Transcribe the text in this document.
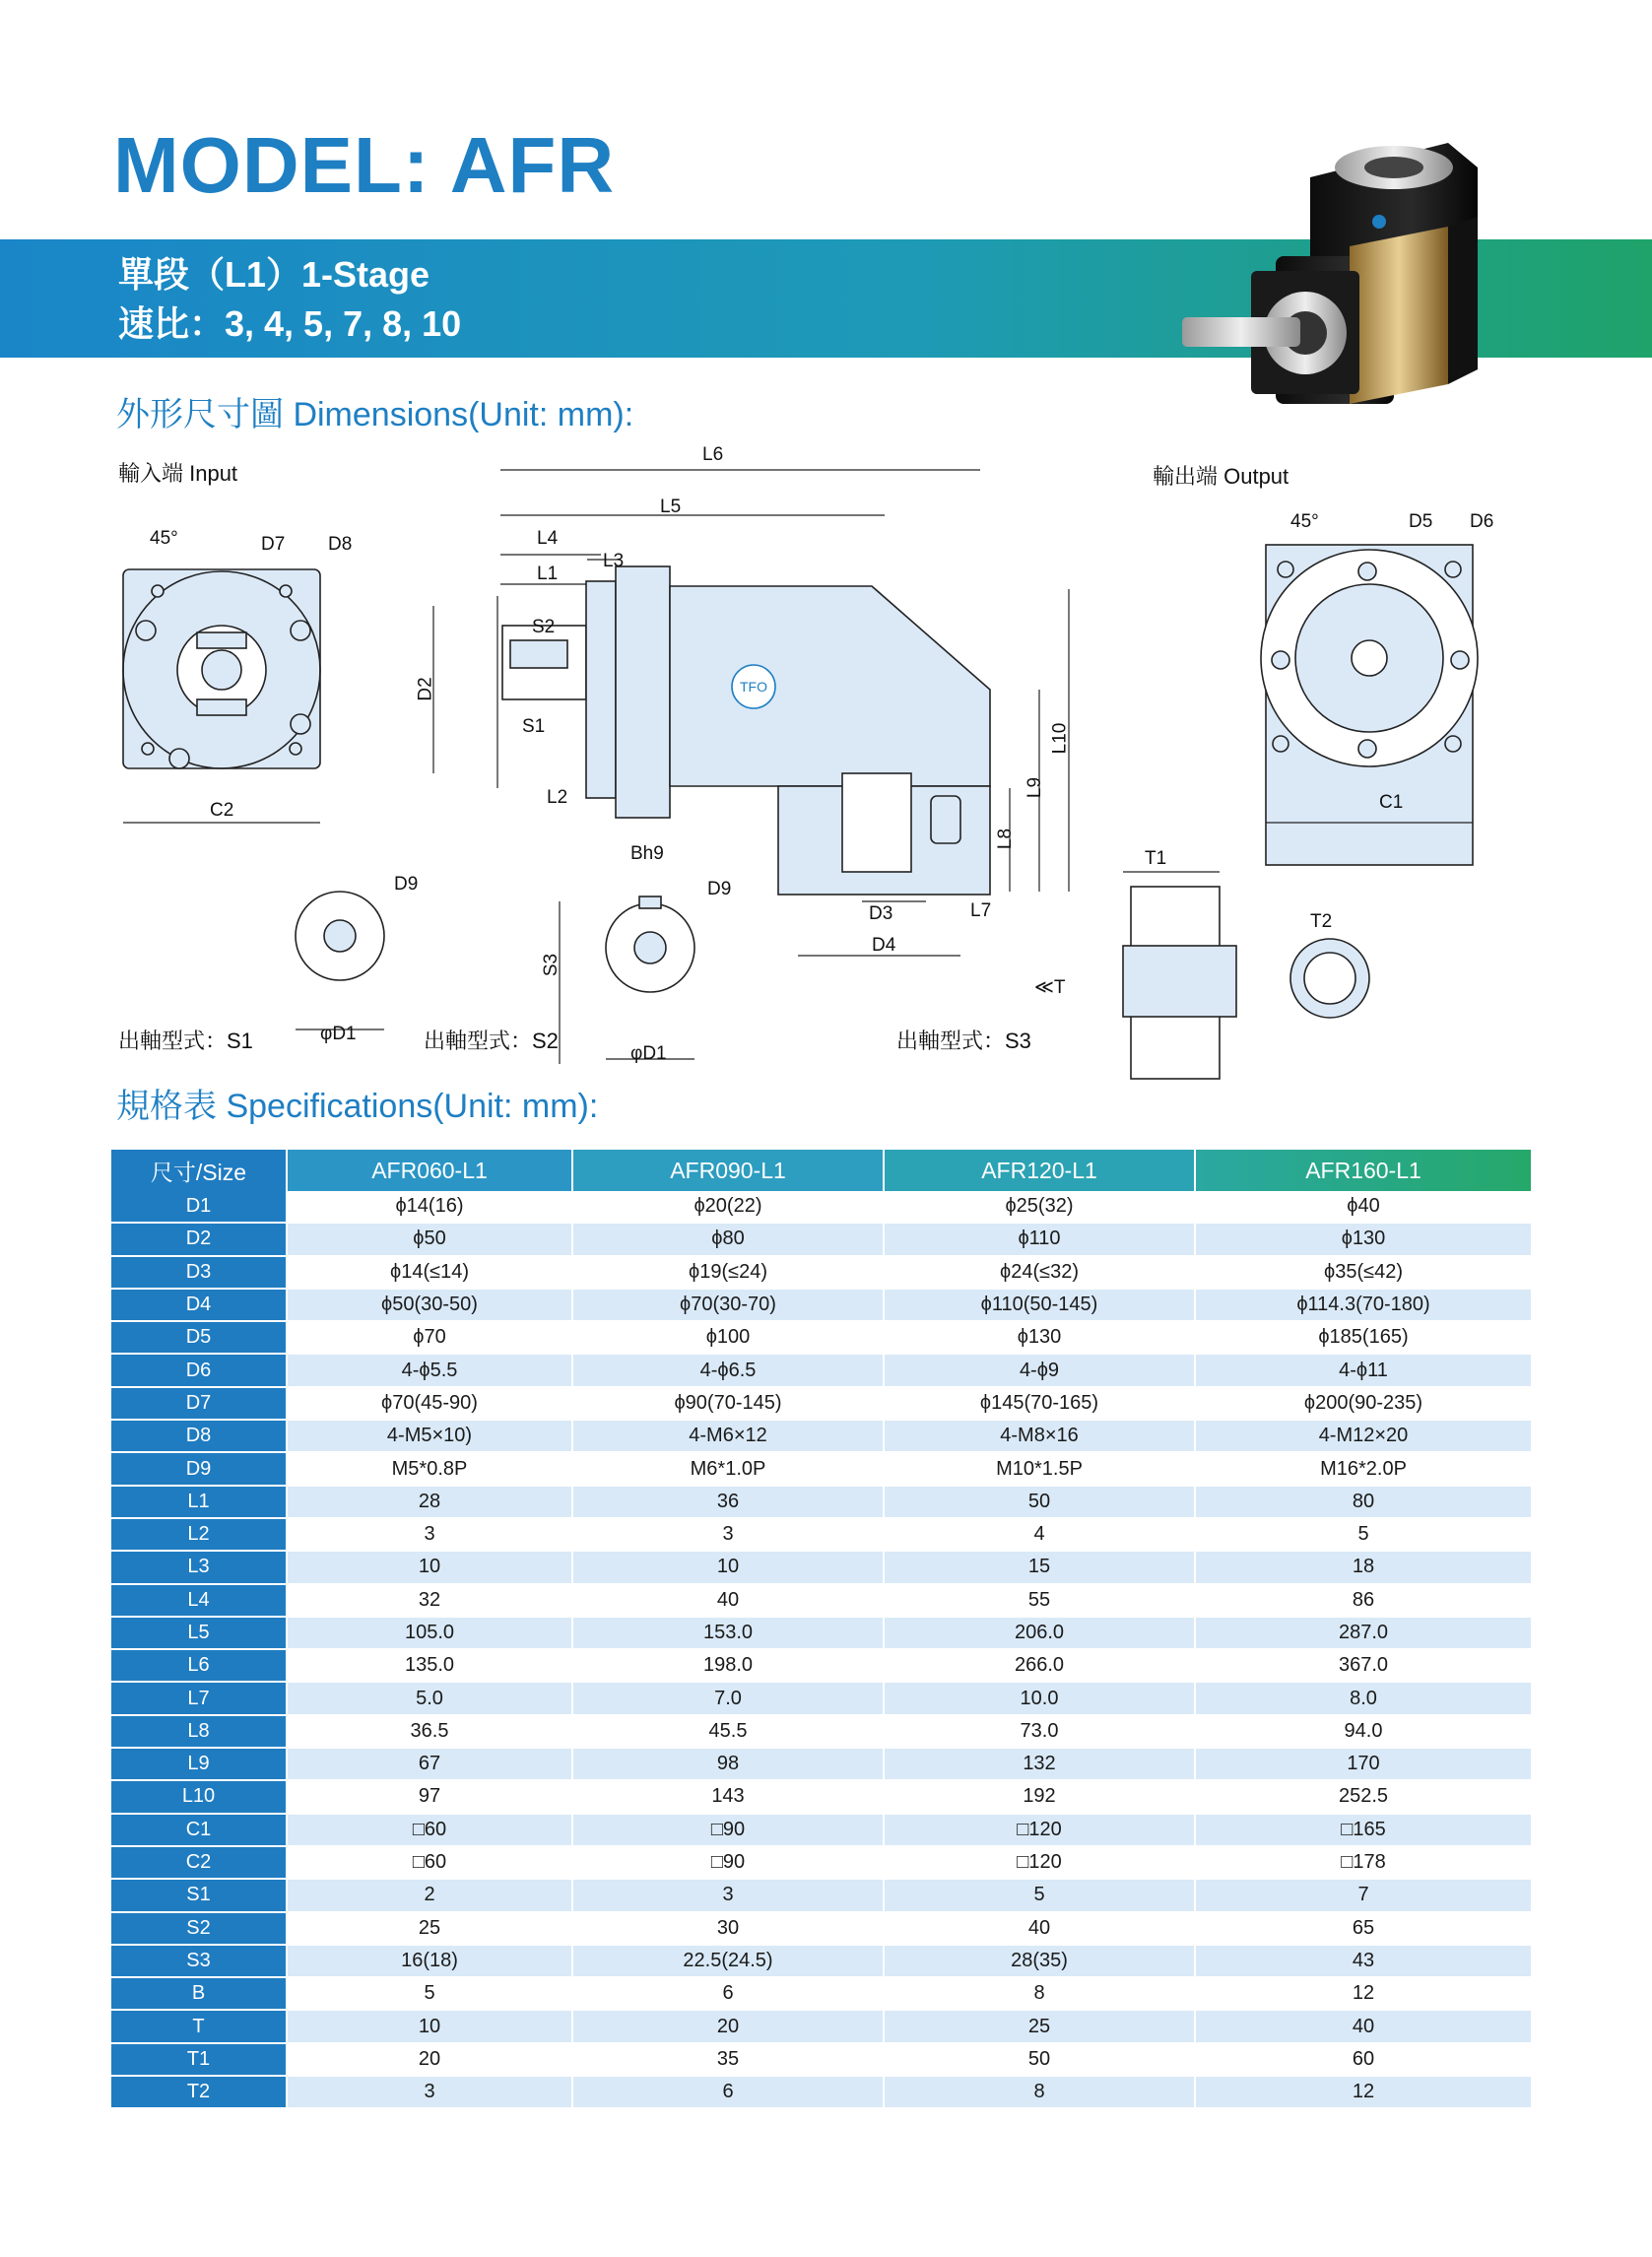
MODEL: AFR
單段（L1）1-Stage
速比：3, 4, 5, 7, 8, 10
外形尺寸圖 Dimensions(Unit: mm):
輸入端 Input	輸出端 Output
出軸型式：S1	出軸型式：S2	出軸型式：S3
45°
45°
TFO
L6
L5
L4
L3
L1
S2
S1
L2
D2
L10
L9
L8
L7
D3
D4
D7 D8
C2
D5 D6
C1
D9
φD1
Bh9
D9
S3
φD1
T1
T2
≪T
規格表 Specifications(Unit: mm):
尺寸/Size	AFR060-L1	AFR090-L1	AFR120-L1	AFR160-L1
D1	ϕ14(16)	ϕ20(22)	ϕ25(32)	ϕ40
D2	ϕ50	ϕ80	ϕ110	ϕ130
D3	ϕ14(≤14)	ϕ19(≤24)	ϕ24(≤32)	ϕ35(≤42)
D4	ϕ50(30-50)	ϕ70(30-70)	ϕ110(50-145)	ϕ114.3(70-180)
D5	ϕ70	ϕ100	ϕ130	ϕ185(165)
D6	4-ϕ5.5	4-ϕ6.5	4-ϕ9	4-ϕ11
D7	ϕ70(45-90)	ϕ90(70-145)	ϕ145(70-165)	ϕ200(90-235)
D8	4-M5×10)	4-M6×12	4-M8×16	4-M12×20
D9	M5*0.8P	M6*1.0P	M10*1.5P	M16*2.0P
L1	28	36	50	80
L2	3	3	4	5
L3	10	10	15	18
L4	32	40	55	86
L5	105.0	153.0	206.0	287.0
L6	135.0	198.0	266.0	367.0
L7	5.0	7.0	10.0	8.0
L8	36.5	45.5	73.0	94.0
L9	67	98	132	170
L10	97	143	192	252.5
C1	□60	□90	□120	□165
C2	□60	□90	□120	□178
S1	2	3	5	7
S2	25	30	40	65
S3	16(18)	22.5(24.5)	28(35)	43
B	5	6	8	12
T	10	20	25	40
T1	20	35	50	60
T2	3	6	8	12
